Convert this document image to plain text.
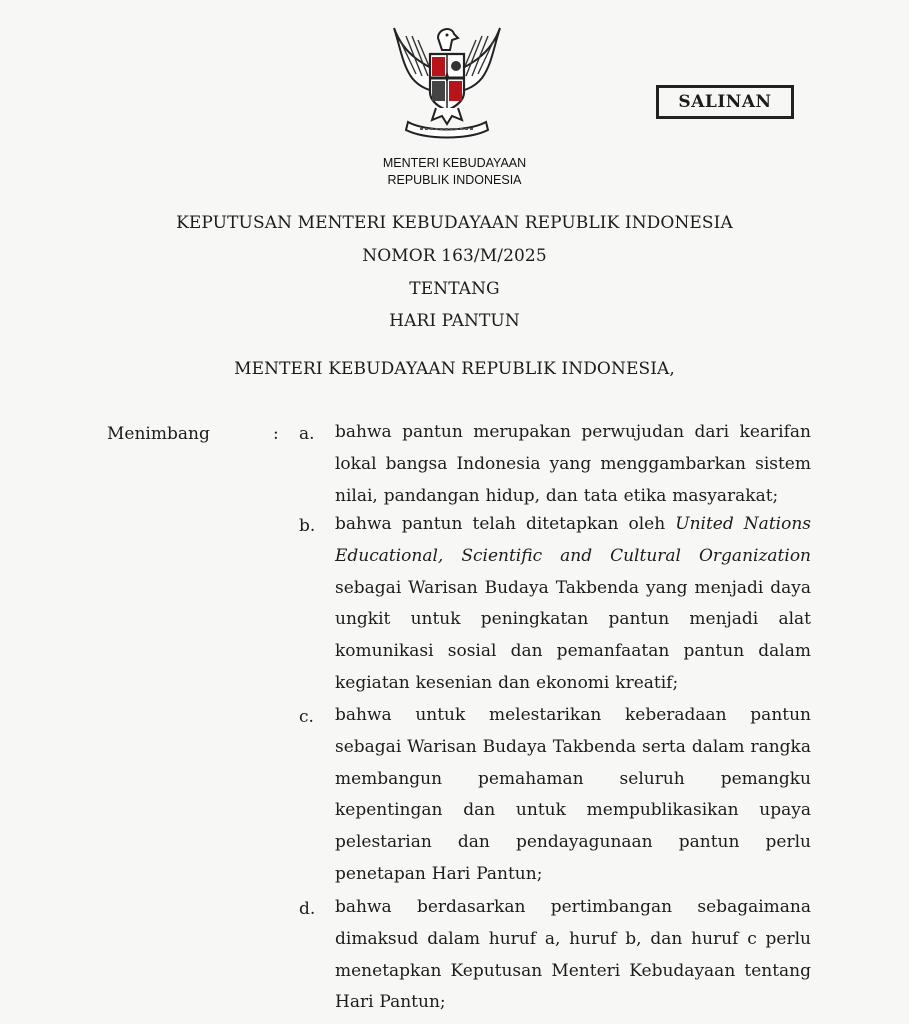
SALINAN
MENTERI KEBUDAYAAN
REPUBLIK INDONESIA
KEPUTUSAN MENTERI KEBUDAYAAN REPUBLIK INDONESIA
NOMOR 163/M/2025
TENTANG
HARI PANTUN
MENTERI KEBUDAYAAN REPUBLIK INDONESIA,
Menimbang	: a. bahwa pantun merupakan perwujudan dari kearifan lokal bangsa Indonesia yang menggambarkan sistem nilai, pandangan hidup, dan tata etika masyarakat;
b. bahwa pantun telah ditetapkan oleh United Nations Educational, Scientific and Cultural Organization sebagai Warisan Budaya Takbenda yang menjadi daya ungkit untuk peningkatan pantun menjadi alat komunikasi sosial dan pemanfaatan pantun dalam kegiatan kesenian dan ekonomi kreatif;
c. bahwa untuk melestarikan keberadaan pantun sebagai Warisan Budaya Takbenda serta dalam rangka membangun pemahaman seluruh pemangku kepentingan dan untuk mempublikasikan upaya pelestarian dan pendayagunaan pantun perlu penetapan Hari Pantun;
d. bahwa berdasarkan pertimbangan sebagaimana dimaksud dalam huruf a, huruf b, dan huruf c perlu menetapkan Keputusan Menteri Kebudayaan tentang Hari Pantun;
